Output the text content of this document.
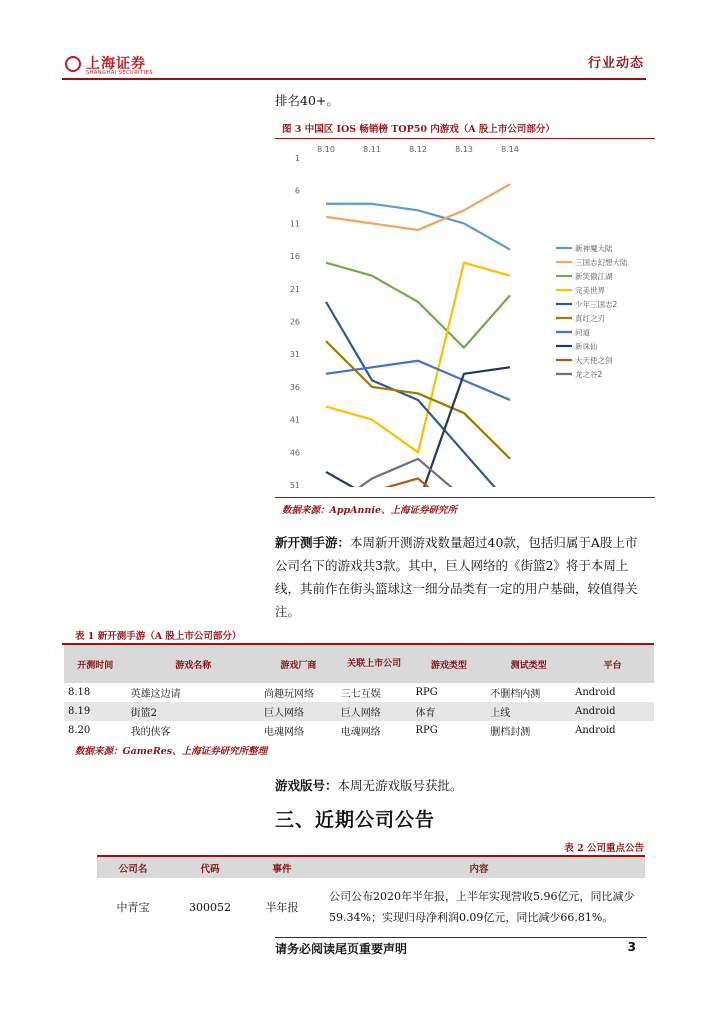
上海证券
SHANGHAI SECURITIES
行业动态
排名40+。
图 3 中国区 IOS 畅销榜 TOP50 内游戏（A 股上市公司部分）
8.10	8.11	8.12	8.13	8.14
1
6
11
16
21
26
31
36
41
46
51
新神魔大陆
三国志幻想大陆
新笑傲江湖
完美世界
少年三国志2
真红之刃
问道
新诛仙
大天使之剑
龙之谷2
数据来源：AppAnnie、上海证券研究所
新开测手游：本周新开测游戏数量超过40款，包括归属于A股上市公司名下的游戏共3款。其中，巨人网络的《街篮2》将于本周上线，其前作在街头篮球这一细分品类有一定的用户基础，较值得关注。
表 1 新开测手游（A 股上市公司部分）
开测时间	游戏名称	游戏厂商	关联上市公司	游戏类型	测试类型	平台
8.18	英雄这边请	尚趣玩网络	三七互娱	RPG	不删档内测	Android
8.19	街篮2	巨人网络	巨人网络	体育	上线	Android
8.20	我的侠客	电魂网络	电魂网络	RPG	删档封测	Android
数据来源：GameRes、上海证券研究所整理
游戏版号：本周无游戏版号获批。
三、近期公司公告
表 2 公司重点公告
公司名	代码	事件	内容
中青宝	300052	半年报	公司公布2020年半年报，上半年实现营收5.96亿元，同比减少59.34%；实现归母净利润0.09亿元，同比减少66.81%。
请务必阅读尾页重要声明	3
